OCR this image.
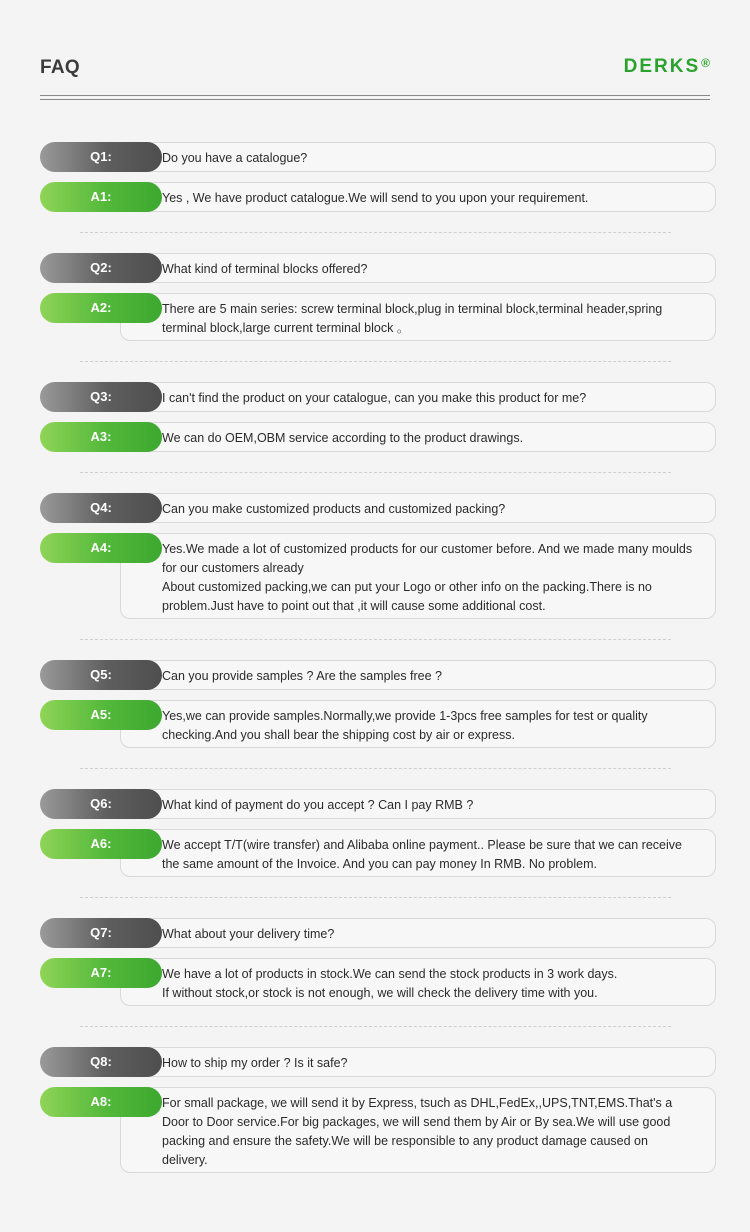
FAQ	DERKS®
Q1:	Do you have a catalogue?
A1:	Yes , We have product catalogue.We will send to you upon your requirement.
Q2:	What kind of terminal blocks offered?
A2:	There are 5 main series: screw terminal block,plug in terminal block,terminal header,spring terminal block,large current terminal block 。
Q3:	I can't find the product on your catalogue, can you make this product for me?
A3:	We can do OEM,OBM service according to the product drawings.
Q4:	Can you make customized products and customized packing?
A4:	Yes.We made a lot of customized products for our customer before. And we made many moulds for our customers already
About customized packing,we can put your Logo or other info on the packing.There is no problem.Just have to point out that ,it will cause some additional cost.
Q5:	Can you provide samples ? Are the samples free ?
A5:	Yes,we can provide samples.Normally,we provide 1-3pcs free samples for test or quality checking.And you shall bear the shipping cost by air or express.
Q6:	What kind of payment do you accept ? Can I pay RMB ?
A6:	We accept T/T(wire transfer) and Alibaba online payment.. Please be sure that we can receive the same amount of the Invoice. And you can pay money In RMB. No problem.
Q7:	What about your delivery time?
A7:	We have a lot of products in stock.We can send the stock products in 3 work days.
If without stock,or stock is not enough, we will check the delivery time with you.
Q8:	How to ship my order ? Is it safe?
A8:	For small package, we will send it by Express, tsuch as DHL,FedEx,,UPS,TNT,EMS.That's a Door to Door service.For big packages, we will send them by Air or By sea.We will use good packing and ensure the safety.We will be responsible to any product damage caused on delivery.
